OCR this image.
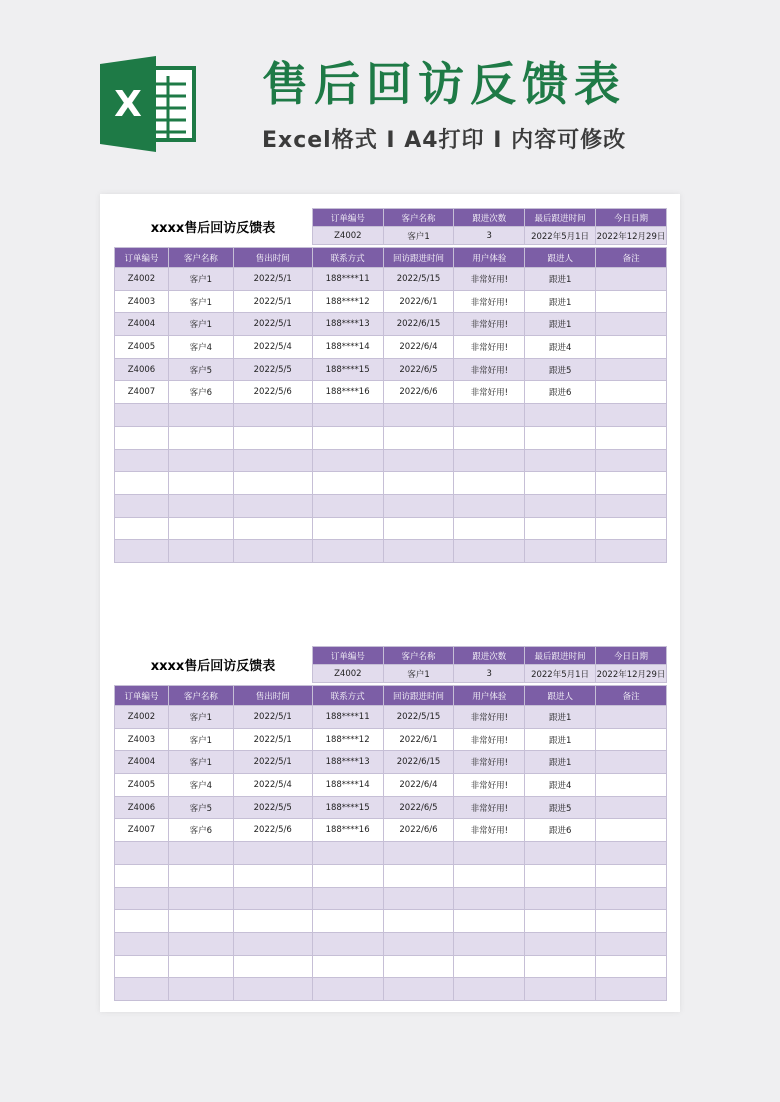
X	售后回访反馈表
Excel格式 I A4打印 I 内容可修改
xxxx售后回访反馈表
订单编号	客户名称	跟进次数	最后跟进时间	今日日期
Z4002	客户1	3	2022年5月1日	2022年12月29日
订单编号	客户名称	售出时间	联系方式	回访跟进时间	用户体验	跟进人	备注
Z4002	客户1	2022/5/1	188****11	2022/5/15	非常好用!	跟进1	
Z4003	客户1	2022/5/1	188****12	2022/6/1	非常好用!	跟进1	
Z4004	客户1	2022/5/1	188****13	2022/6/15	非常好用!	跟进1	
Z4005	客户4	2022/5/4	188****14	2022/6/4	非常好用!	跟进4	
Z4006	客户5	2022/5/5	188****15	2022/6/5	非常好用!	跟进5	
Z4007	客户6	2022/5/6	188****16	2022/6/6	非常好用!	跟进6	

xxxx售后回访反馈表
订单编号	客户名称	跟进次数	最后跟进时间	今日日期
Z4002	客户1	3	2022年5月1日	2022年12月29日
订单编号	客户名称	售出时间	联系方式	回访跟进时间	用户体验	跟进人	备注
Z4002	客户1	2022/5/1	188****11	2022/5/15	非常好用!	跟进1	
Z4003	客户1	2022/5/1	188****12	2022/6/1	非常好用!	跟进1	
Z4004	客户1	2022/5/1	188****13	2022/6/15	非常好用!	跟进1	
Z4005	客户4	2022/5/4	188****14	2022/6/4	非常好用!	跟进4	
Z4006	客户5	2022/5/5	188****15	2022/6/5	非常好用!	跟进5	
Z4007	客户6	2022/5/6	188****16	2022/6/6	非常好用!	跟进6	
